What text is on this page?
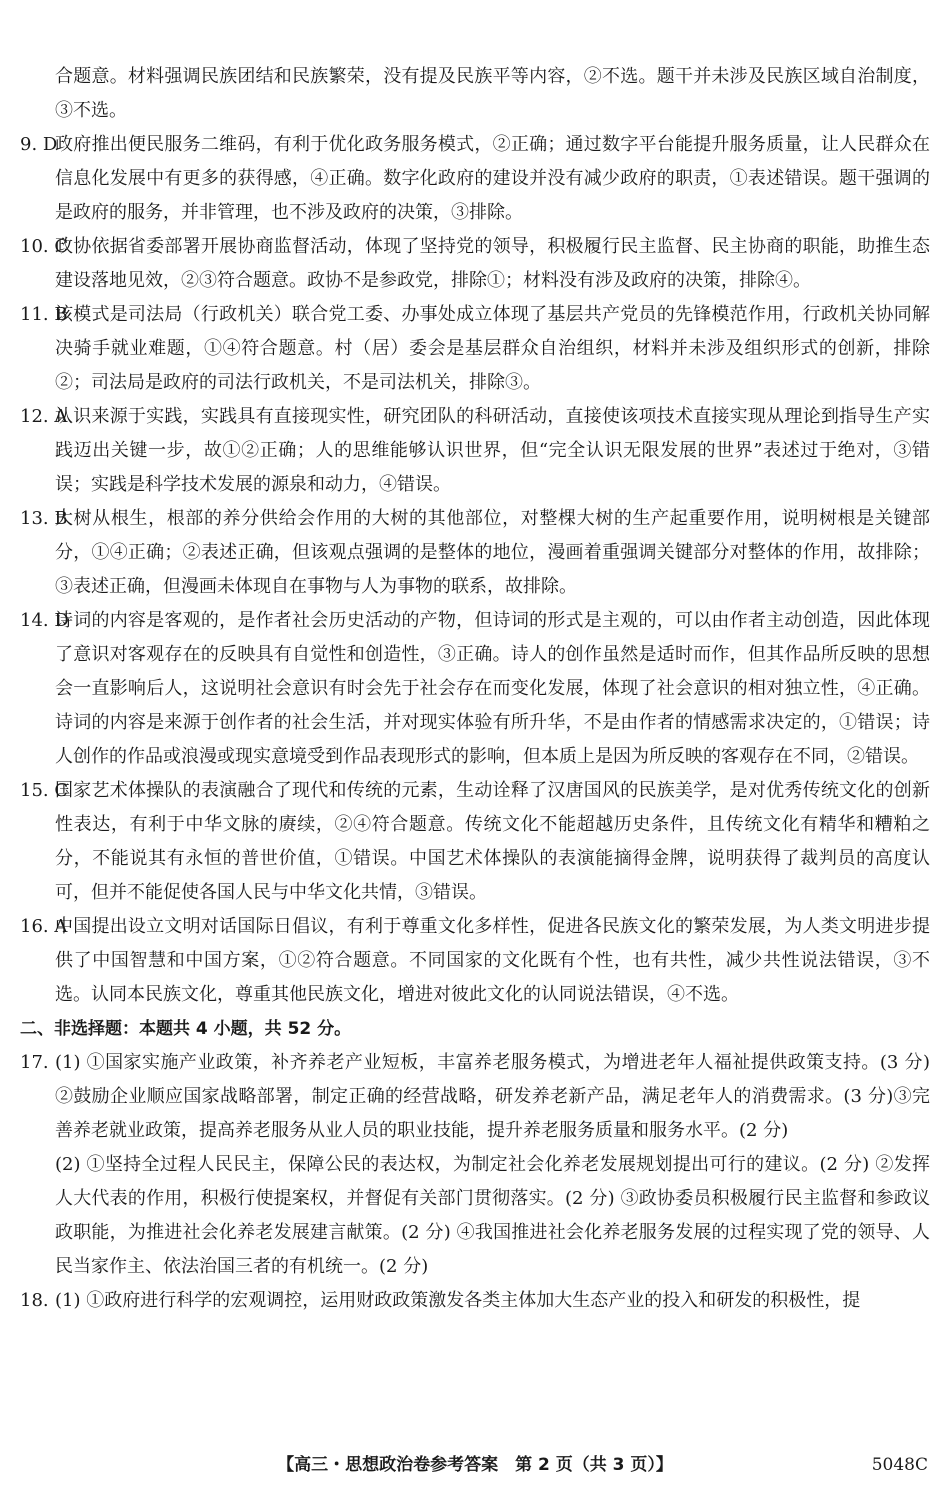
合题意。材料强调民族团结和民族繁荣，没有提及民族平等内容，②不选。题干并未涉及民族区域自治制度，③不选。

9. D
政府推出便民服务二维码，有利于优化政务服务模式，②正确；通过数字平台能提升服务质量，让人民群众在信息化发展中有更多的获得感，④正确。数字化政府的建设并没有减少政府的职责，①表述错误。题干强调的是政府的服务，并非管理，也不涉及政府的决策，③排除。

10. C
政协依据省委部署开展协商监督活动，体现了坚持党的领导，积极履行民主监督、民主协商的职能，助推生态建设落地见效，②③符合题意。政协不是参政党，排除①；材料没有涉及政府的决策，排除④。

11. B
该模式是司法局（行政机关）联合党工委、办事处成立体现了基层共产党员的先锋模范作用，行政机关协同解决骑手就业难题，①④符合题意。村（居）委会是基层群众自治组织，材料并未涉及组织形式的创新，排除②；司法局是政府的司法行政机关，不是司法机关，排除③。

12. A
认识来源于实践，实践具有直接现实性，研究团队的科研活动，直接使该项技术直接实现从理论到指导生产实践迈出关键一步，故①②正确；人的思维能够认识世界，但“完全认识无限发展的世界”表述过于绝对，③错误；实践是科学技术发展的源泉和动力，④错误。

13. B
大树从根生，根部的养分供给会作用的大树的其他部位，对整棵大树的生产起重要作用，说明树根是关键部分，①④正确；②表述正确，但该观点强调的是整体的地位，漫画着重强调关键部分对整体的作用，故排除；③表述正确，但漫画未体现自在事物与人为事物的联系，故排除。

14. D
诗词的内容是客观的，是作者社会历史活动的产物，但诗词的形式是主观的，可以由作者主动创造，因此体现了意识对客观存在的反映具有自觉性和创造性，③正确。诗人的创作虽然是适时而作，但其作品所反映的思想会一直影响后人，这说明社会意识有时会先于社会存在而变化发展，体现了社会意识的相对独立性，④正确。诗词的内容是来源于创作者的社会生活，并对现实体验有所升华，不是由作者的情感需求决定的，①错误；诗人创作的作品或浪漫或现实意境受到作品表现形式的影响，但本质上是因为所反映的客观存在不同，②错误。

15. C
国家艺术体操队的表演融合了现代和传统的元素，生动诠释了汉唐国风的民族美学，是对优秀传统文化的创新性表达，有利于中华文脉的赓续，②④符合题意。传统文化不能超越历史条件，且传统文化有精华和糟粕之分，不能说其有永恒的普世价值，①错误。中国艺术体操队的表演能摘得金牌，说明获得了裁判员的高度认可，但并不能促使各国人民与中华文化共情，③错误。

16. A
中国提出设立文明对话国际日倡议，有利于尊重文化多样性，促进各民族文化的繁荣发展，为人类文明进步提供了中国智慧和中国方案，①②符合题意。不同国家的文化既有个性，也有共性，减少共性说法错误，③不选。认同本民族文化，尊重其他民族文化，增进对彼此文化的认同说法错误，④不选。

二、非选择题：本题共 4 小题，共 52 分。

17. (1) ①国家实施产业政策，补齐养老产业短板，丰富养老服务模式，为增进老年人福祉提供政策支持。(3 分) ②鼓励企业顺应国家战略部署，制定正确的经营战略，研发养老新产品，满足老年人的消费需求。(3 分)③完善养老就业政策，提高养老服务从业人员的职业技能，提升养老服务质量和服务水平。(2 分)

(2) ①坚持全过程人民民主，保障公民的表达权，为制定社会化养老发展规划提出可行的建议。(2 分) ②发挥人大代表的作用，积极行使提案权，并督促有关部门贯彻落实。(2 分) ③政协委员积极履行民主监督和参政议政职能，为推进社会化养老发展建言献策。(2 分) ④我国推进社会化养老服务发展的过程实现了党的领导、人民当家作主、依法治国三者的有机统一。(2 分)

18. (1) ①政府进行科学的宏观调控，运用财政政策激发各类主体加大生态产业的投入和研发的积极性，提

【高三・思想政治卷参考答案　第 2 页（共 3 页）】	5048C
